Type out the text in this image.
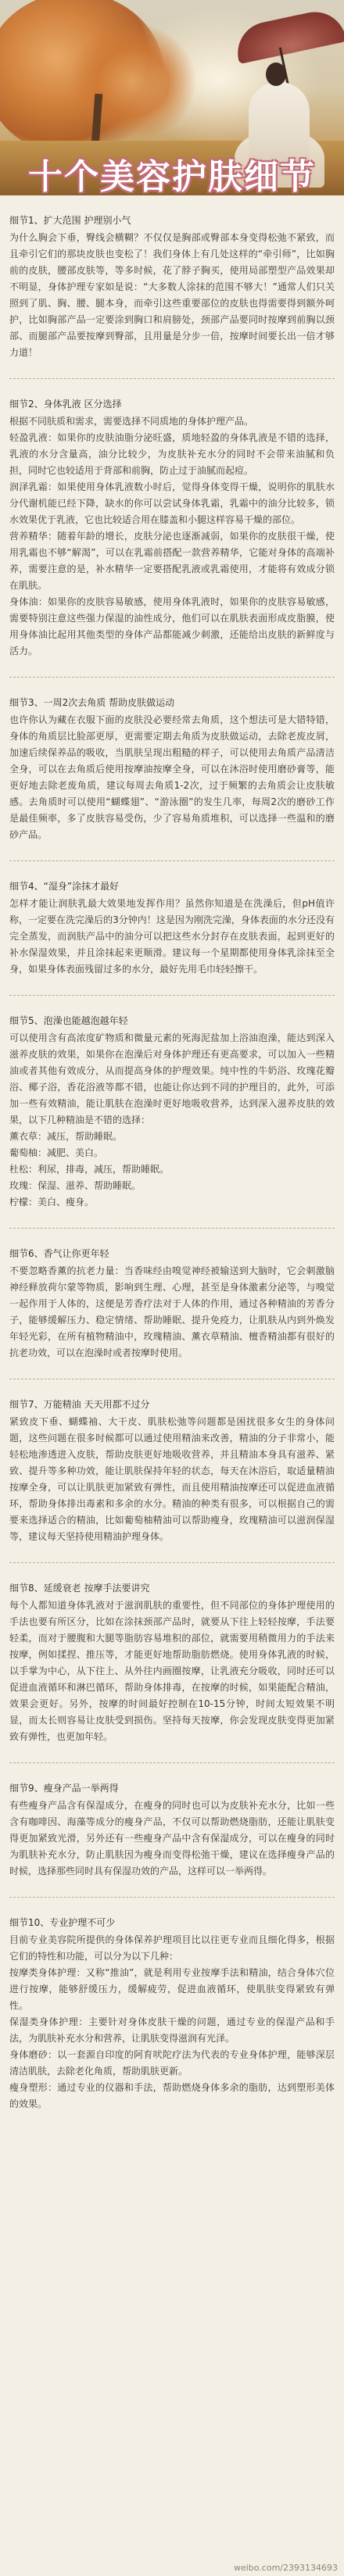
十个美容护肤细节
细节1、扩大范围 护理别小气

为什么胸会下垂，臀线会横糊？不仅仅是胸部或臀部本身变得松弛不紧致，而且牵引它们的那块皮肤也变松了！我们身体上有几处这样的“牵引师”，比如胸前的皮肤，腰部皮肤等，等多时候，花了脖子胸买，使用局部塑型产品效果却不明显，身体护理专家如是说：“大多数人涂抹的范围不够大！”通常人们只关照到了肌、胸、腰、腿本身，而牵引这些重要部位的皮肤也得需要得到额外呵护，比如胸部产品一定要涂到胸口和肩膀处，颈部产品要同时按摩到前胸以颈部、而腿部产品要按摩到臀部，且用量是分步一倍，按摩时间要长出一倍才够力道！

细节2、身体乳液 区分选择

根据不同肤质和需求，需要选择不同质地的身体护理产品。

轻盈乳液：如果你的皮肤油脂分泌旺盛，质地轻盈的身体乳液是不错的选择，乳液的水分含量高，油分比较少，为皮肤补充水分的同时不会带来油腻和负担，同时它也较适用于背部和前胸，防止过于油腻而起痘。

润泽乳霜：如果使用身体乳液数小时后，觉得身体变得干燥，说明你的肌肤水分代谢机能已经下降，缺水的你可以尝试身体乳霜，乳霜中的油分比较多，锁水效果优于乳液，它也比较适合用在膝盖和小腿这样容易干燥的部位。

营养精华：随着年龄的增长，皮肤分泌也逐渐减弱，如果你的皮肤很干燥，使用乳霜也不够“解渴”，可以在乳霜前搭配一款营养精华，它能对身体的高端补养，需要注意的是，补水精华一定要搭配乳液或乳霜使用，才能将有效成分锁在肌肤。

身体油：如果你的皮肤容易敏感，使用身体乳液时，如果你的皮肤容易敏感，需要特别注意这些强力保湿的油性成分，他们可以在肌肤表面形成皮脂膜，使用身体油比起用其他类型的身体产品都能减少刺激，还能给出皮肤的新鲜度与活力。

细节3、一周2次去角质 帮助皮肤做运动

也许你认为藏在衣服下面的皮肤没必要经常去角质，这个想法可是大错特错，身体的角质层比脸部更厚，更需要定期去角质为皮肤做运动，去除老废皮屑，加速后续保养品的吸收，当肌肤呈现出粗糙的样子，可以使用去角质产品清洁全身，可以在去角质后使用按摩油按摩全身，可以在沐浴时使用磨砂膏等，能更好地去除老废角质，建议每周去角质1-2次，过于频繁的去角质会让皮肤敏感。去角质时可以使用“蝴蝶翅”、“游泳圈”的发生几率，每周2次的磨砂工作是最佳频率，多了皮肤容易受伤，少了容易角质堆积，可以选择一些温和的磨砂产品。

细节4、“湿身”涂抹才最好

怎样才能让润肤乳最大效果地发挥作用？虽然你知道是在洗澡后，但pH值许称，一定要在洗完澡后的3分钟内！这是因为刚洗完澡，身体表面的水分还没有完全蒸发，而润肤产品中的油分可以把这些水分封存在皮肤表面，起到更好的补水保湿效果，并且涂抹起来更顺滑。建议每一个星期都使用身体乳涂抹至全身，如果身体表面残留过多的水分，最好先用毛巾轻轻擦干。

细节5、泡澡也能越泡越年轻

可以使用含有高浓度矿物质和微量元素的死海泥盐加上浴油泡澡，能达到深入滋养皮肤的效果，如果你在泡澡后对身体护理还有更高要求，可以加入一些精油或者其他有效成分，从而提高身体的护理效果。纯中性的牛奶浴、玫瑰花瓣浴、椰子浴，香花浴液等都不错，也能让你达到不同的护理目的，此外，可添加一些有效精油，能让肌肤在泡澡时更好地吸收营养，达到深入滋养皮肤的效果，以下几种精油是不错的选择：

薰衣草：减压，帮助睡眠。

葡萄柚：减肥、美白。

杜松：利尿，排毒，减压，帮助睡眠。

玫瑰：保湿、滋养、帮助睡眠。

柠檬：美白、瘦身。

细节6、香气让你更年轻

不要忽略香薰的抗老力量：当香味经由嗅觉神经被输送到大脑时，它会刺激脑神经释放荷尔蒙等物质，影响到生理、心理，甚至是身体激素分泌等，与嗅觉一起作用于人体的，这便是芳香疗法对于人体的作用，通过各种精油的芳香分子，能够缓解压力、稳定情绪、帮助睡眠、提升免疫力，让肌肤从内到外焕发年轻光彩，在所有植物精油中，玫瑰精油、薰衣草精油、檀香精油都有很好的抗老功效，可以在泡澡时或者按摩时使用。

细节7、万能精油 天天用都不过分

紧致皮下垂、蝴蝶袖、大干皮、肌肤松弛等问题都是困扰很多女生的身体问题，这些问题在很多时候都可以通过使用精油来改善，精油的分子非常小，能轻松地渗透进入皮肤，帮助皮肤更好地吸收营养，并且精油本身具有滋养、紧致、提升等多种功效，能让肌肤保持年轻的状态，每天在沐浴后，取适量精油按摩全身，可以让肌肤更加紧致有弹性，而且使用精油按摩还可以促进血液循环，帮助身体排出毒素和多余的水分。精油的种类有很多，可以根据自己的需要来选择适合的精油，比如葡萄柚精油可以帮助瘦身，玫瑰精油可以滋润保湿等，建议每天坚持使用精油护理身体。

细节8、延缓衰老 按摩手法要讲究

每个人都知道身体乳液对于滋润肌肤的重要性，但不同部位的身体护理使用的手法也要有所区分，比如在涂抹颈部产品时，就要从下往上轻轻按摩，手法要轻柔，而对于腰腹和大腿等脂肪容易堆积的部位，就需要用稍微用力的手法来按摩，例如揉捏、推压等，才能更好地帮助脂肪燃烧。使用身体乳液的时候，以手掌为中心，从下往上、从外往内画圈按摩，让乳液充分吸收，同时还可以促进血液循环和淋巴循环，帮助身体排毒，在按摩的时候，如果能配合精油，效果会更好。另外，按摩的时间最好控制在10-15分钟，时间太短效果不明显，而太长则容易让皮肤受到损伤。坚持每天按摩，你会发现皮肤变得更加紧致有弹性，也更加年轻。

细节9、瘦身产品一举两得

有些瘦身产品含有保湿成分，在瘦身的同时也可以为皮肤补充水分，比如一些含有咖啡因、海藻等成分的瘦身产品，不仅可以帮助燃烧脂肪，还能让肌肤变得更加紧致光滑，另外还有一些瘦身产品中含有保湿成分，可以在瘦身的同时为肌肤补充水分，防止肌肤因为瘦身而变得松弛干燥，建议在选择瘦身产品的时候，选择那些同时具有保湿功效的产品，这样可以一举两得。

细节10、专业护理不可少

目前专业美容院所提供的身体保养护理项目比以往更专业而且细化得多，根据它们的特性和功能，可以分为以下几种：

按摩类身体护理：又称“推油”，就是利用专业按摩手法和精油，结合身体穴位进行按摩，能够舒缓压力，缓解疲劳，促进血液循环，使肌肤变得紧致有弹性。

保湿类身体护理：主要针对身体皮肤干燥的问题，通过专业的保湿产品和手法，为肌肤补充水分和营养，让肌肤变得滋润有光泽。

身体磨砂：以一套源自印度的阿育吠陀疗法为代表的专业身体护理，能够深层清洁肌肤，去除老化角质，帮助肌肤更新。

瘦身塑形：通过专业的仪器和手法，帮助燃烧身体多余的脂肪，达到塑形美体的效果。

weibo.com/2393134693
